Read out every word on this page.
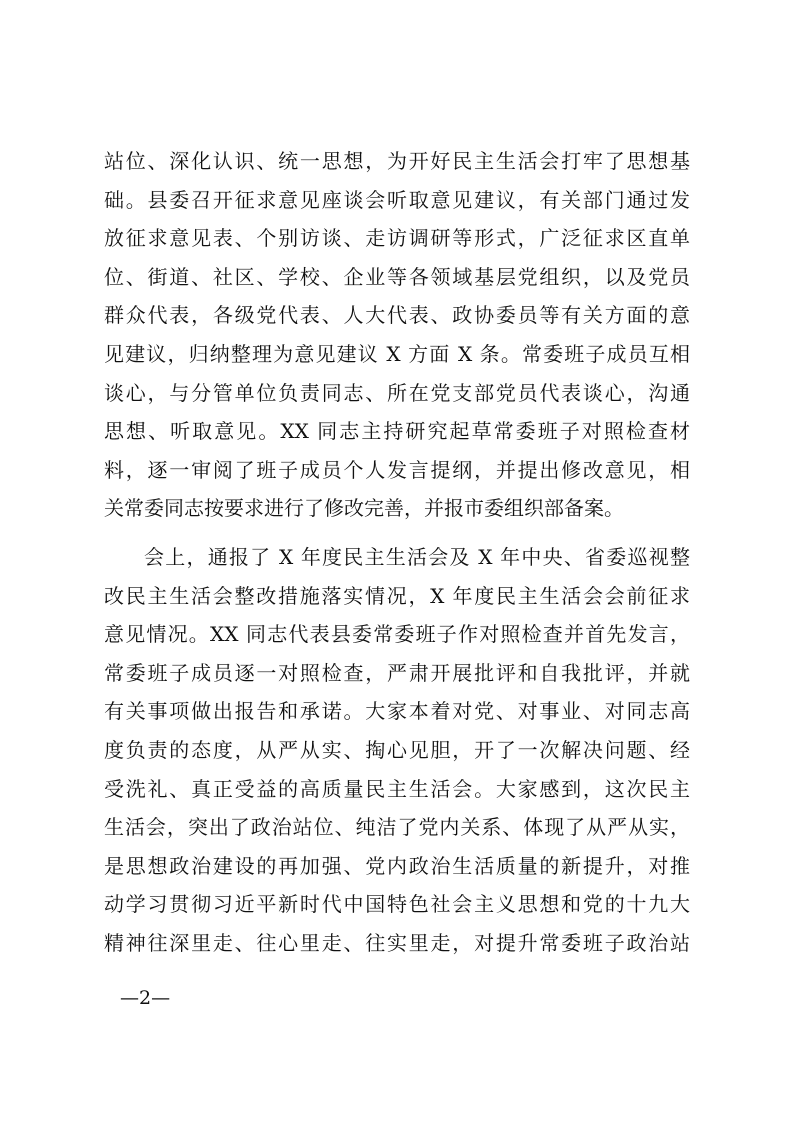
站位、深化认识、统一思想，为开好民主生活会打牢了思想基
础。县委召开征求意见座谈会听取意见建议，有关部门通过发
放征求意见表、个别访谈、走访调研等形式，广泛征求区直单
位、街道、社区、学校、企业等各领域基层党组织，以及党员
群众代表，各级党代表、人大代表、政协委员等有关方面的意
见建议，归纳整理为意见建议 X 方面 X 条。常委班子成员互相
谈心，与分管单位负责同志、所在党支部党员代表谈心，沟通
思想、听取意见。XX 同志主持研究起草常委班子对照检查材
料，逐一审阅了班子成员个人发言提纲，并提出修改意见，相
关常委同志按要求进行了修改完善，并报市委组织部备案。
会上，通报了 X 年度民主生活会及 X 年中央、省委巡视整
改民主生活会整改措施落实情况，X 年度民主生活会会前征求
意见情况。XX 同志代表县委常委班子作对照检查并首先发言，
常委班子成员逐一对照检查，严肃开展批评和自我批评，并就
有关事项做出报告和承诺。大家本着对党、对事业、对同志高
度负责的态度，从严从实、掏心见胆，开了一次解决问题、经
受洗礼、真正受益的高质量民主生活会。大家感到，这次民主
生活会，突出了政治站位、纯洁了党内关系、体现了从严从实，
是思想政治建设的再加强、党内政治生活质量的新提升，对推
动学习贯彻习近平新时代中国特色社会主义思想和党的十九大
精神往深里走、往心里走、往实里走，对提升常委班子政治站
—2—
